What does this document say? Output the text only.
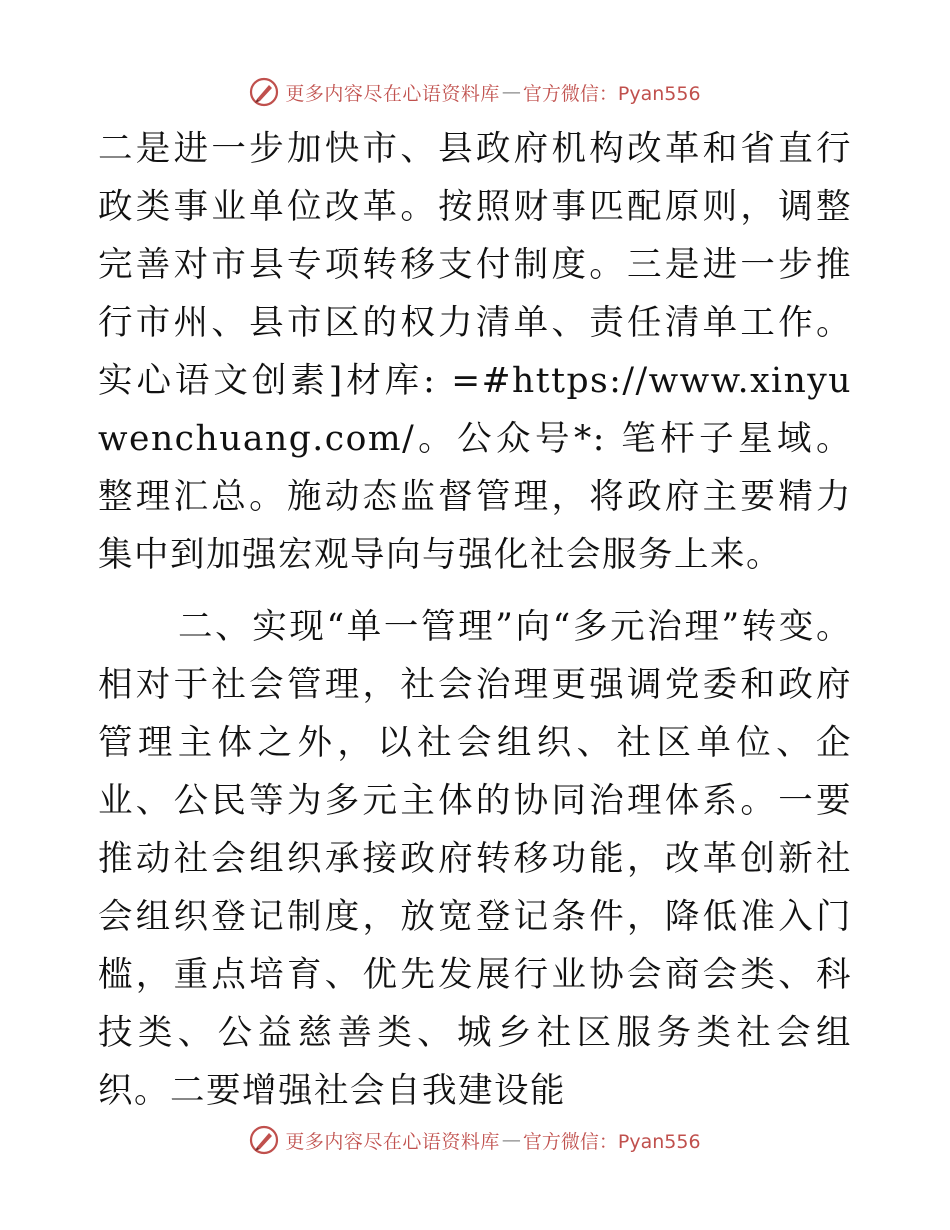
更多内容尽在心语资料库 — 官方微信：Pyan556

二是进一步加快市、县政府机构改革和省直行政类事业单位改革。按照财事匹配原则，调整完善对市县专项转移支付制度。三是进一步推行市州、县市区的权力清单、责任清单工作。实心语文创素]材库: =#https://www.xinyuwenchuang.com/。公众号*: 笔杆子星域。整理汇总。施动态监督管理，将政府主要精力集中到加强宏观导向与强化社会服务上来。

二、实现“单一管理”向“多元治理”转变。相对于社会管理，社会治理更强调党委和政府管理主体之外，以社会组织、社区单位、企业、公民等为多元主体的协同治理体系。一要推动社会组织承接政府转移功能，改革创新社会组织登记制度，放宽登记条件，降低准入门槛，重点培育、优先发展行业协会商会类、科技类、公益慈善类、城乡社区服务类社会组织。二要增强社会自我建设能

更多内容尽在心语资料库 — 官方微信：Pyan556
